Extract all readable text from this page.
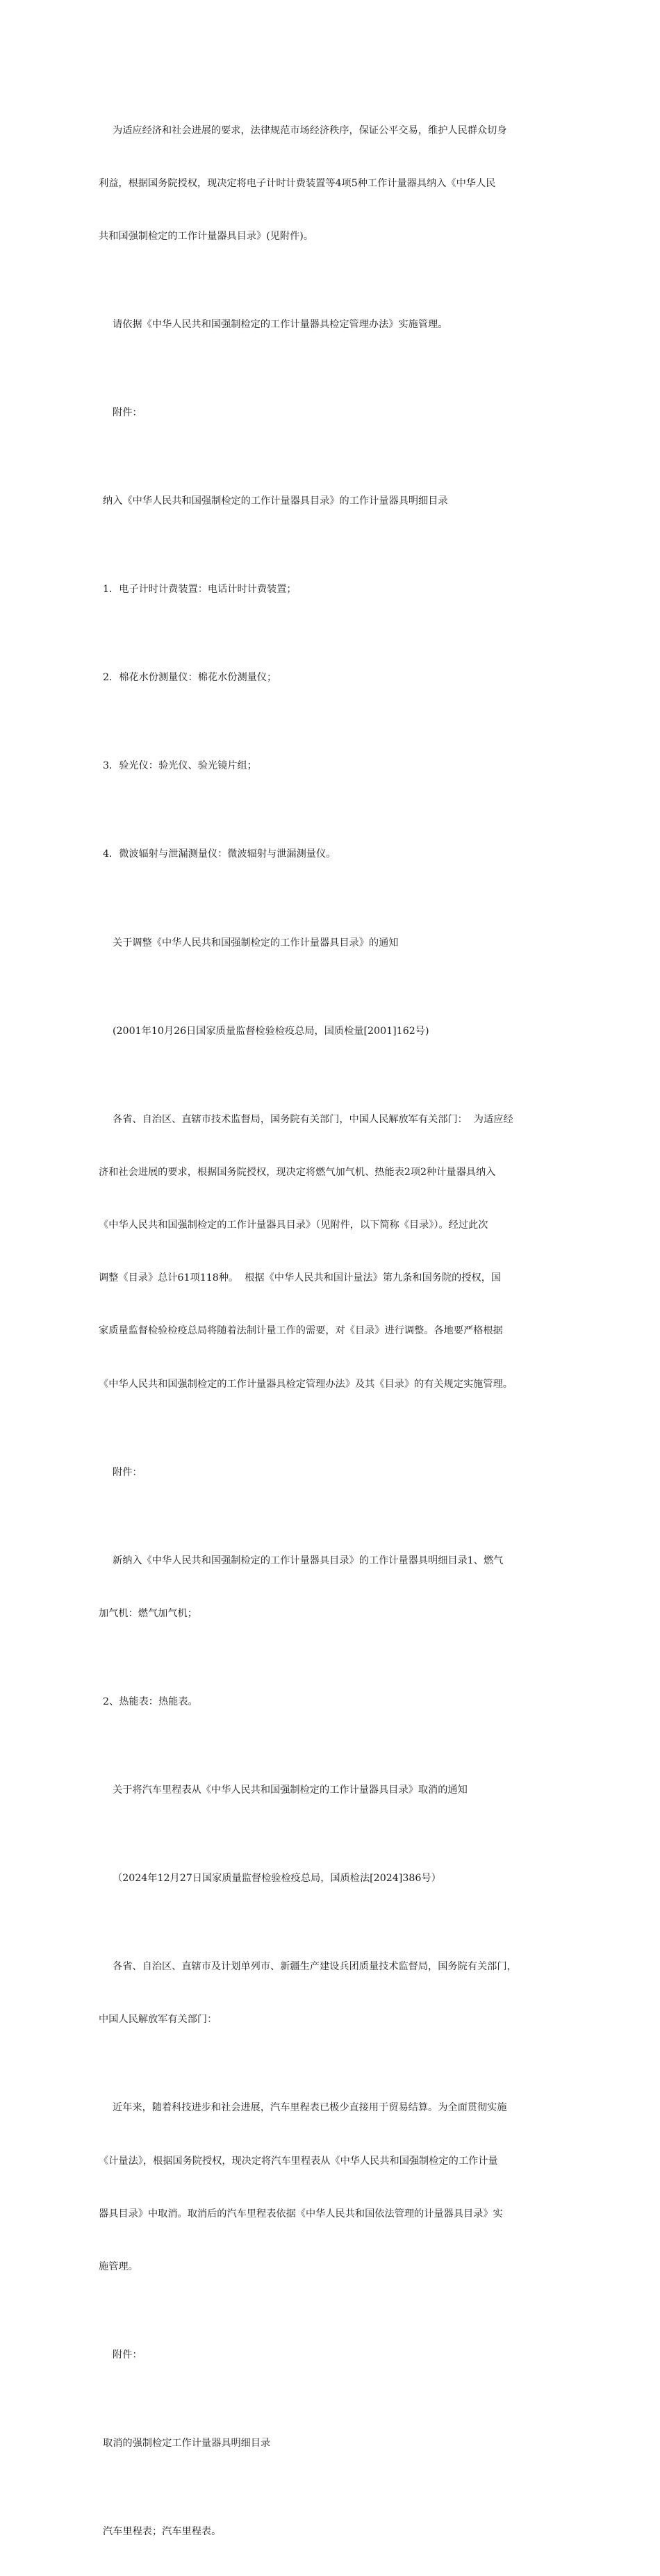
为适应经济和社会进展的要求，法律规范市场经济秩序，保证公平交易，维护人民群众切身

利益，根据国务院授权，现决定将电子计时计费装置等4项5种工作计量器具纳入《中华人民

共和国强制检定的工作计量器具目录》(见附件)。

请依据《中华人民共和国强制检定的工作计量器具检定管理办法》实施管理。

附件：

纳入《中华人民共和国强制检定的工作计量器具目录》的工作计量器具明细目录

1．电子计时计费装置：电话计时计费装置；

2．棉花水份测量仪：棉花水份测量仪；

3．验光仪：验光仪、验光镜片组；

4．微波辐射与泄漏测量仪：微波辐射与泄漏测量仪。

关于调整《中华人民共和国强制检定的工作计量器具目录》的通知

(2001年10月26日国家质量监督检验检疫总局，国质检量[2001]162号)

各省、自治区、直辖市技术监督局，国务院有关部门，中国人民解放军有关部门：  为适应经

济和社会进展的要求，根据国务院授权，现决定将燃气加气机、热能表2项2种计量器具纳入

《中华人民共和国强制检定的工作计量器具目录》（见附件，以下简称《目录》）。经过此次

调整《目录》总计61项118种。  根据《中华人民共和国计量法》第九条和国务院的授权，国

家质量监督检验检疫总局将随着法制计量工作的需要，对《目录》进行调整。各地要严格根据

《中华人民共和国强制检定的工作计量器具检定管理办法》及其《目录》的有关规定实施管理。

附件：

新纳入《中华人民共和国强制检定的工作计量器具目录》的工作计量器具明细目录1、燃气

加气机：燃气加气机；

2、热能表：热能表。

关于将汽车里程表从《中华人民共和国强制检定的工作计量器具目录》取消的通知

（2024年12月27日国家质量监督检验检疫总局，国质检法[2024]386号）

各省、自治区、直辖市及计划单列市、新疆生产建设兵团质量技术监督局，国务院有关部门，

中国人民解放军有关部门：

近年来，随着科技进步和社会进展，汽车里程表已极少直接用于贸易结算。为全面贯彻实施

《计量法》，根据国务院授权，现决定将汽车里程表从《中华人民共和国强制检定的工作计量

器具目录》中取消。取消后的汽车里程表依据《中华人民共和国依法管理的计量器具目录》实

施管理。

附件：

取消的强制检定工作计量器具明细目录

汽车里程表；汽车里程表。
